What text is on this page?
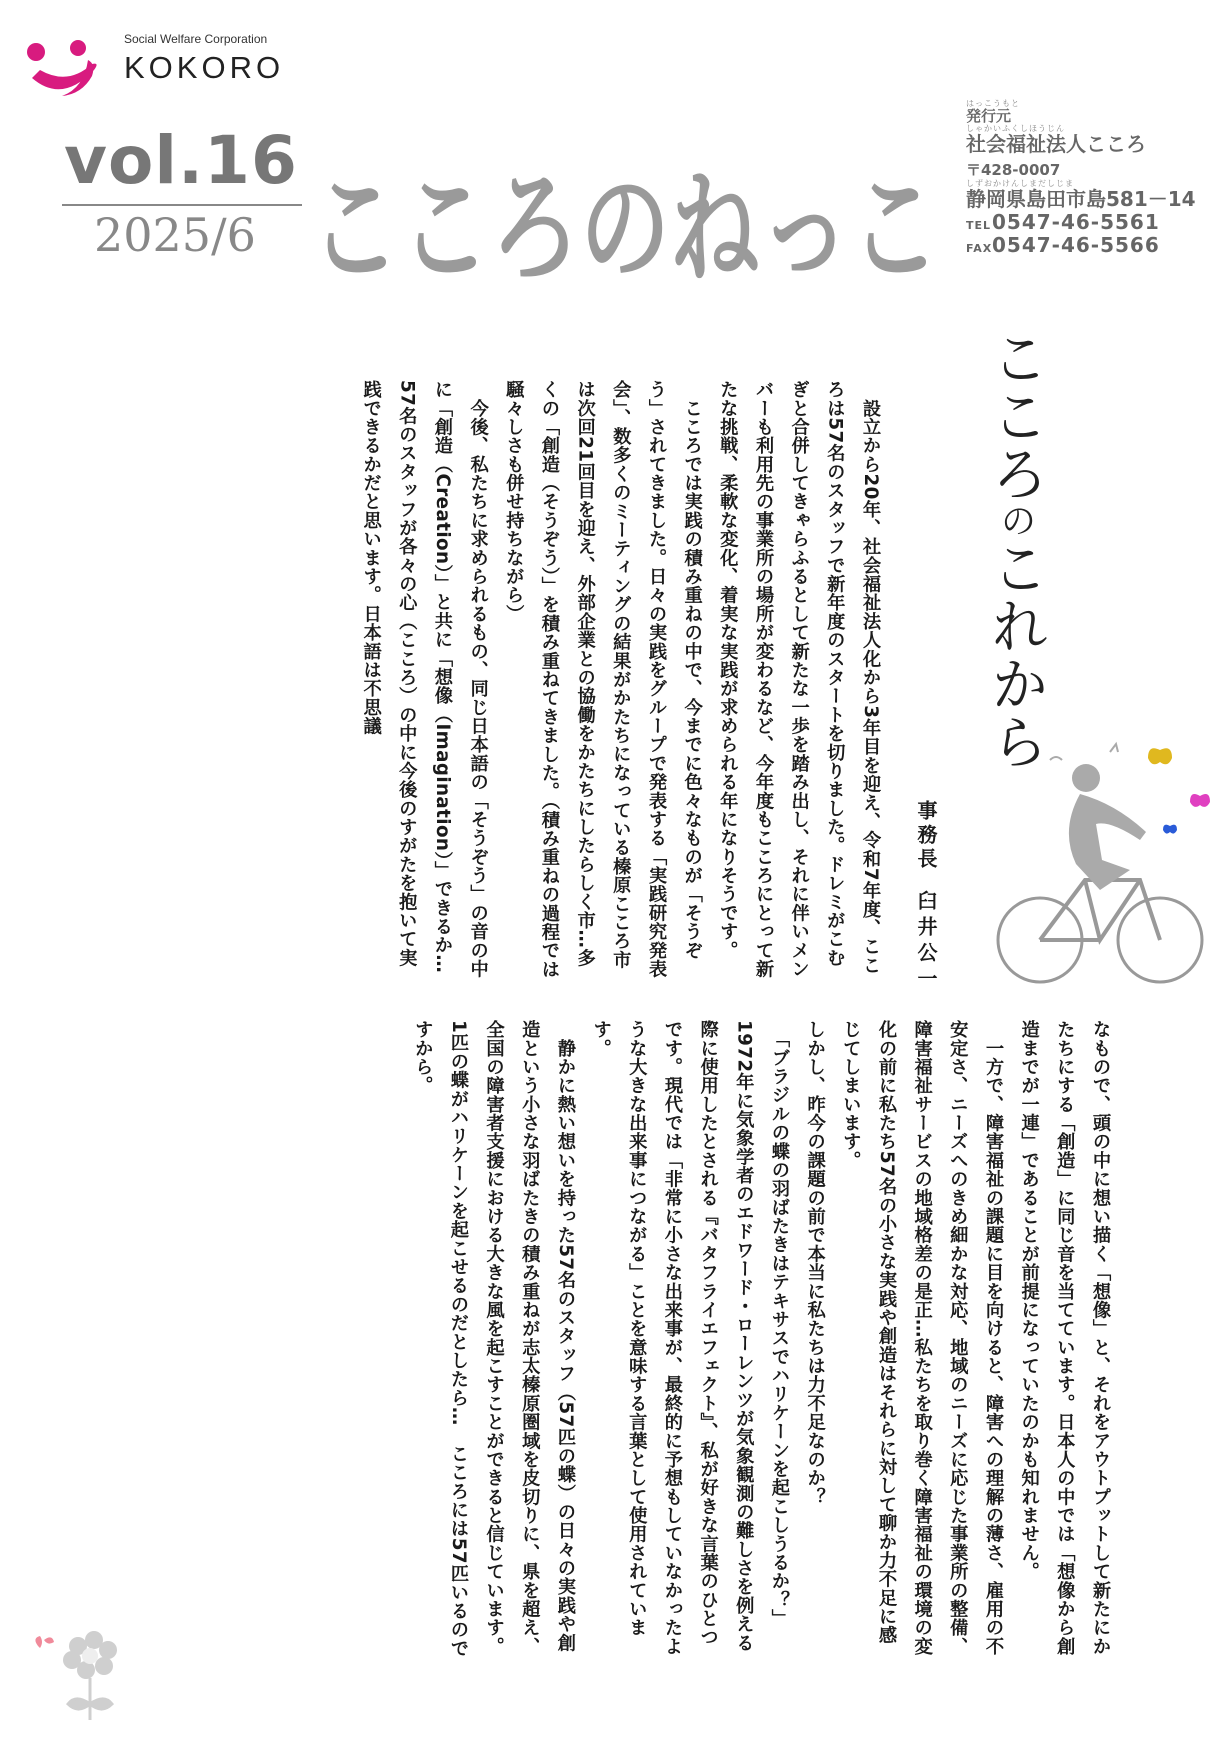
Social Welfare Corporation
KOKORO
vol.16
2025/6 こころのねっこ
はっこうもと
発行元
しゃかいふくしほうじん
社会福祉法人こころ
〒428-0007
しずおかけんしまだしじま
静岡県島田市島581－14
TEL0547-46-5561
FAX0547-46-5566
こころのこれから
事務長
臼井公一

　設立から20年、社会福祉法人化から3年目を迎え、令和7年度、こころは57名のスタッフで新年度のスタートを切りました。ドレミがこむぎと合併してきゃらふるとして新たな一歩を踏み出し、それに伴いメンバーも利用先の事業所の場所が変わるなど、今年度もこころにとって新たな挑戦、柔軟な変化、着実な実践が求められる年になりそうです。

　こころでは実践の積み重ねの中で、今までに色々なものが「そうぞう」されてきました。日々の実践をグループで発表する「実践研究発表会」、数多くのミーティングの結果がかたちになっている榛原こころ市は次回21回目を迎え、外部企業との協働をかたちにしたらしく市…多くの「創造（そうぞう）」を積み重ねてきました。（積み重ねの過程では騒々しさも併せ持ちながら）

　今後、私たちに求められるもの、同じ日本語の「そうぞう」の音の中に「創造（Creation）」と共に「想像（Imagination）」できるか…57名のスタッフが各々の心（こころ）の中に今後のすがたを抱いて実践できるかだと思います。日本語は不思議

なもので、頭の中に想い描く「想像」と、それをアウトプットして新たにかたちにする「創造」に同じ音を当てています。日本人の中では「想像から創造までが一連」であることが前提になっていたのかも知れません。

　一方で、障害福祉の課題に目を向けると、障害への理解の薄さ、雇用の不安定さ、ニーズへのきめ細かな対応、地域のニーズに応じた事業所の整備、障害福祉サービスの地域格差の是正…私たちを取り巻く障害福祉の環境の変化の前に私たち57名の小さな実践や創造はそれらに対して聊か力不足に感じてしまいます。

しかし、昨今の課題の前で本当に私たちは力不足なのか？

　「ブラジルの蝶の羽ばたきはテキサスでハリケーンを起こしうるか？」1972年に気象学者のエドワード・ローレンツが気象観測の難しさを例える際に使用したとされる『バタフライエフェクト』、私が好きな言葉のひとつです。現代では「非常に小さな出来事が、最終的に予想もしていなかったような大きな出来事につながる」ことを意味する言葉として使用されています。

　静かに熱い想いを持った57名のスタッフ（57匹の蝶）の日々の実践や創造という小さな羽ばたきの積み重ねが志太榛原圏域を皮切りに、県を超え、全国の障害者支援における大きな風を起こすことができると信じています。1匹の蝶がハリケーンを起こせるのだとしたら…　こころには57匹いるのですから。
